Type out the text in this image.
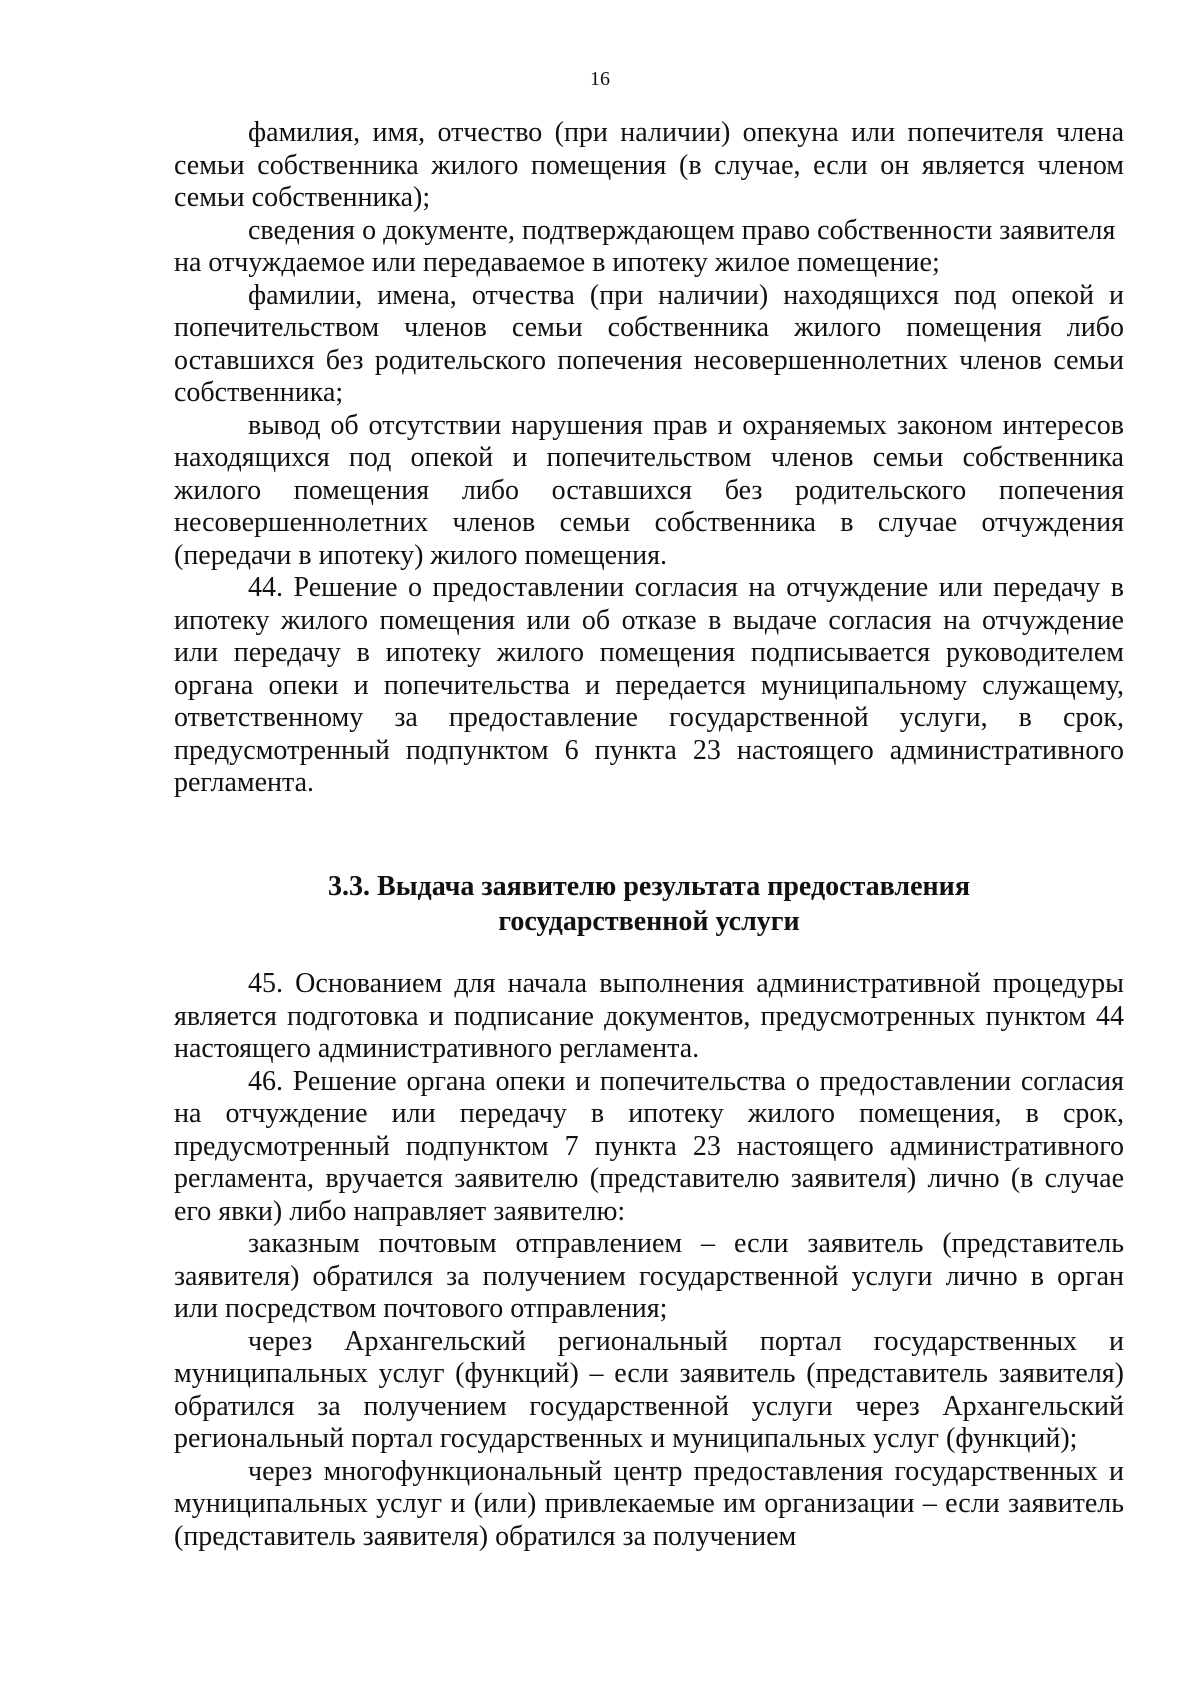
16

фамилия, имя, отчество (при наличии) опекуна или попечителя члена семьи собственника жилого помещения (в случае, если он является членом семьи собственника);

сведения о документе, подтверждающем право собственности заявителя

на отчуждаемое или передаваемое в ипотеку жилое помещение;

фамилии, имена, отчества (при наличии) находящихся под опекой и попечительством членов семьи собственника жилого помещения либо оставшихся без родительского попечения несовершеннолетних членов семьи собственника;

вывод об отсутствии нарушения прав и охраняемых законом интересов находящихся под опекой и попечительством членов семьи собственника жилого помещения либо оставшихся без родительского попечения несовершеннолетних членов семьи собственника в случае отчуждения (передачи в ипотеку) жилого помещения.

44. Решение о предоставлении согласия на отчуждение или передачу в ипотеку жилого помещения или об отказе в выдаче согласия на отчуждение или передачу в ипотеку жилого помещения подписывается руководителем органа опеки и попечительства и передается муниципальному служащему, ответственному за предоставление государственной услуги, в срок, предусмотренный подпунктом 6 пункта 23 настоящего административного регламента.

3.3. Выдача заявителю результата предоставления
государственной услуги

45. Основанием для начала выполнения административной процедуры является подготовка и подписание документов, предусмотренных пунктом 44 настоящего административного регламента.

46. Решение органа опеки и попечительства о предоставлении согласия на отчуждение или передачу в ипотеку жилого помещения, в срок, предусмотренный подпунктом 7 пункта 23 настоящего административного регламента, вручается заявителю (представителю заявителя) лично (в случае его явки) либо направляет заявителю:

заказным почтовым отправлением – если заявитель (представитель заявителя) обратился за получением государственной услуги лично в орган или посредством почтового отправления;

через Архангельский региональный портал государственных и муниципальных услуг (функций) – если заявитель (представитель заявителя) обратился за получением государственной услуги через Архангельский региональный портал государственных и муниципальных услуг (функций);

через многофункциональный центр предоставления государственных и муниципальных услуг и (или) привлекаемые им организации – если заявитель (представитель заявителя) обратился за получением
